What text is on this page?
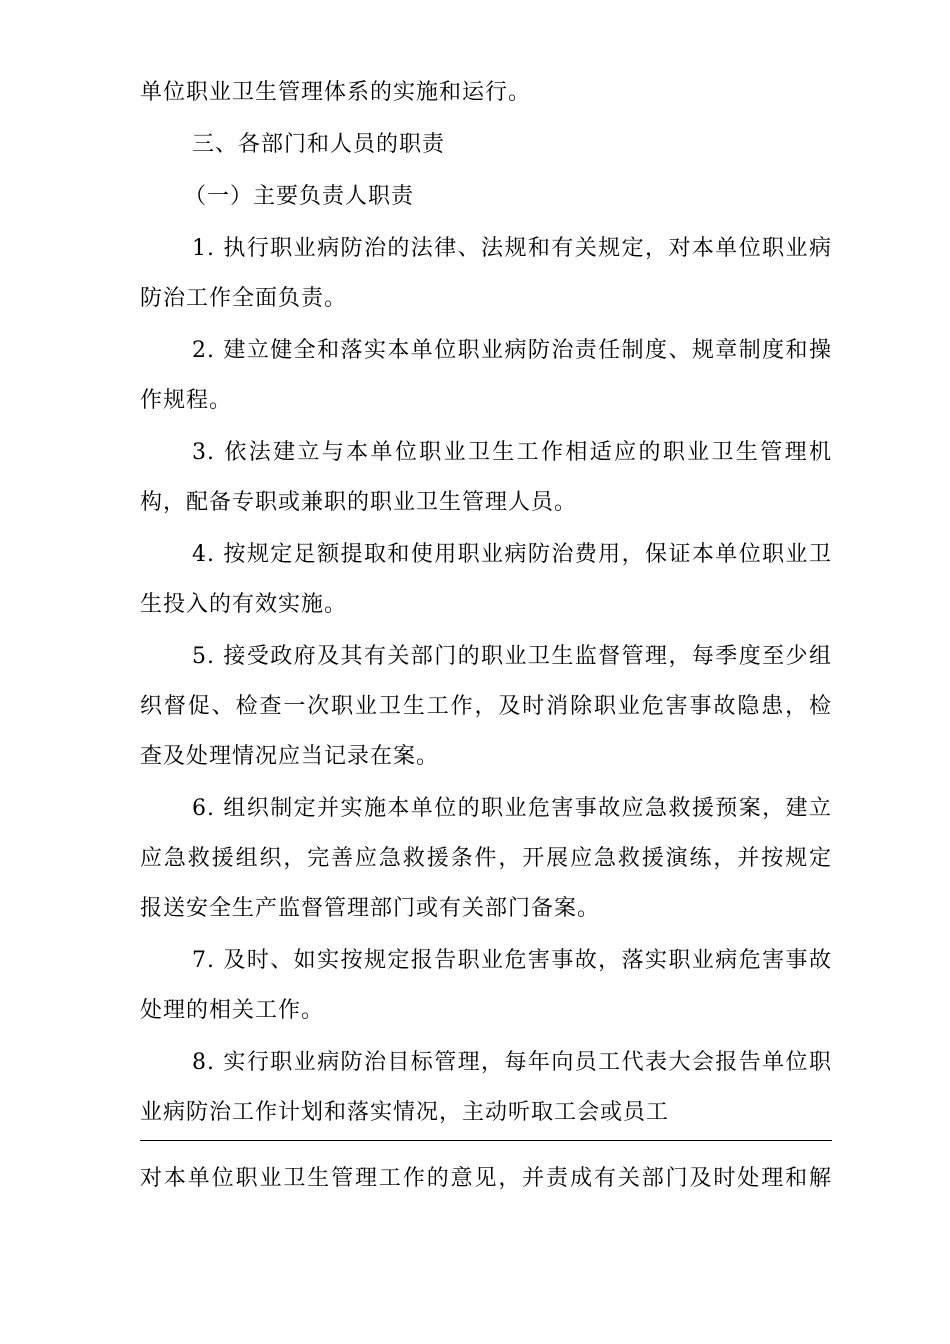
单位职业卫生管理体系的实施和运行。
三、各部门和人员的职责
（一）主要负责人职责
1. 执行职业病防治的法律、法规和有关规定，对本单位职业病
防治工作全面负责。
2. 建立健全和落实本单位职业病防治责任制度、规章制度和操
作规程。
3. 依法建立与本单位职业卫生工作相适应的职业卫生管理机
构，配备专职或兼职的职业卫生管理人员。
4. 按规定足额提取和使用职业病防治费用，保证本单位职业卫
生投入的有效实施。
5. 接受政府及其有关部门的职业卫生监督管理，每季度至少组
织督促、检查一次职业卫生工作，及时消除职业危害事故隐患，检
查及处理情况应当记录在案。
6. 组织制定并实施本单位的职业危害事故应急救援预案，建立
应急救援组织，完善应急救援条件，开展应急救援演练，并按规定
报送安全生产监督管理部门或有关部门备案。
7. 及时、如实按规定报告职业危害事故，落实职业病危害事故
处理的相关工作。
8. 实行职业病防治目标管理，每年向员工代表大会报告单位职
业病防治工作计划和落实情况，主动听取工会或员工
对本单位职业卫生管理工作的意见，并责成有关部门及时处理和解
